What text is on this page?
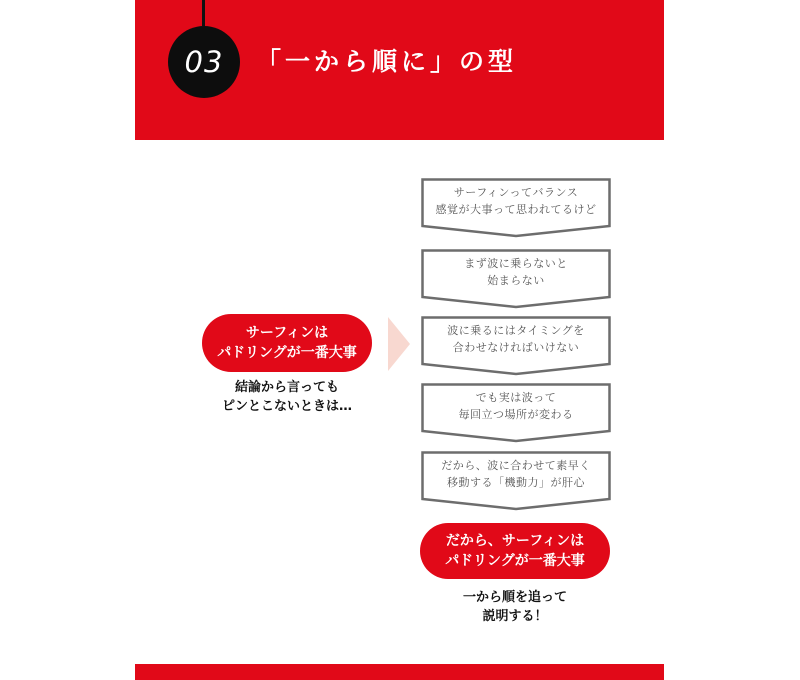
03 「一から順に」の型
サーフィンは
パドリングが一番大事
結論から言っても
ピンとこないときは…
サーフィンってバランス
感覚が大事って思われてるけど
まず波に乗らないと
始まらない
波に乗るにはタイミングを
合わせなければいけない
でも実は波って
毎回立つ場所が変わる
だから、波に合わせて素早く
移動する「機動力」が肝心
だから、サーフィンは
パドリングが一番大事
一から順を追って
説明する！
